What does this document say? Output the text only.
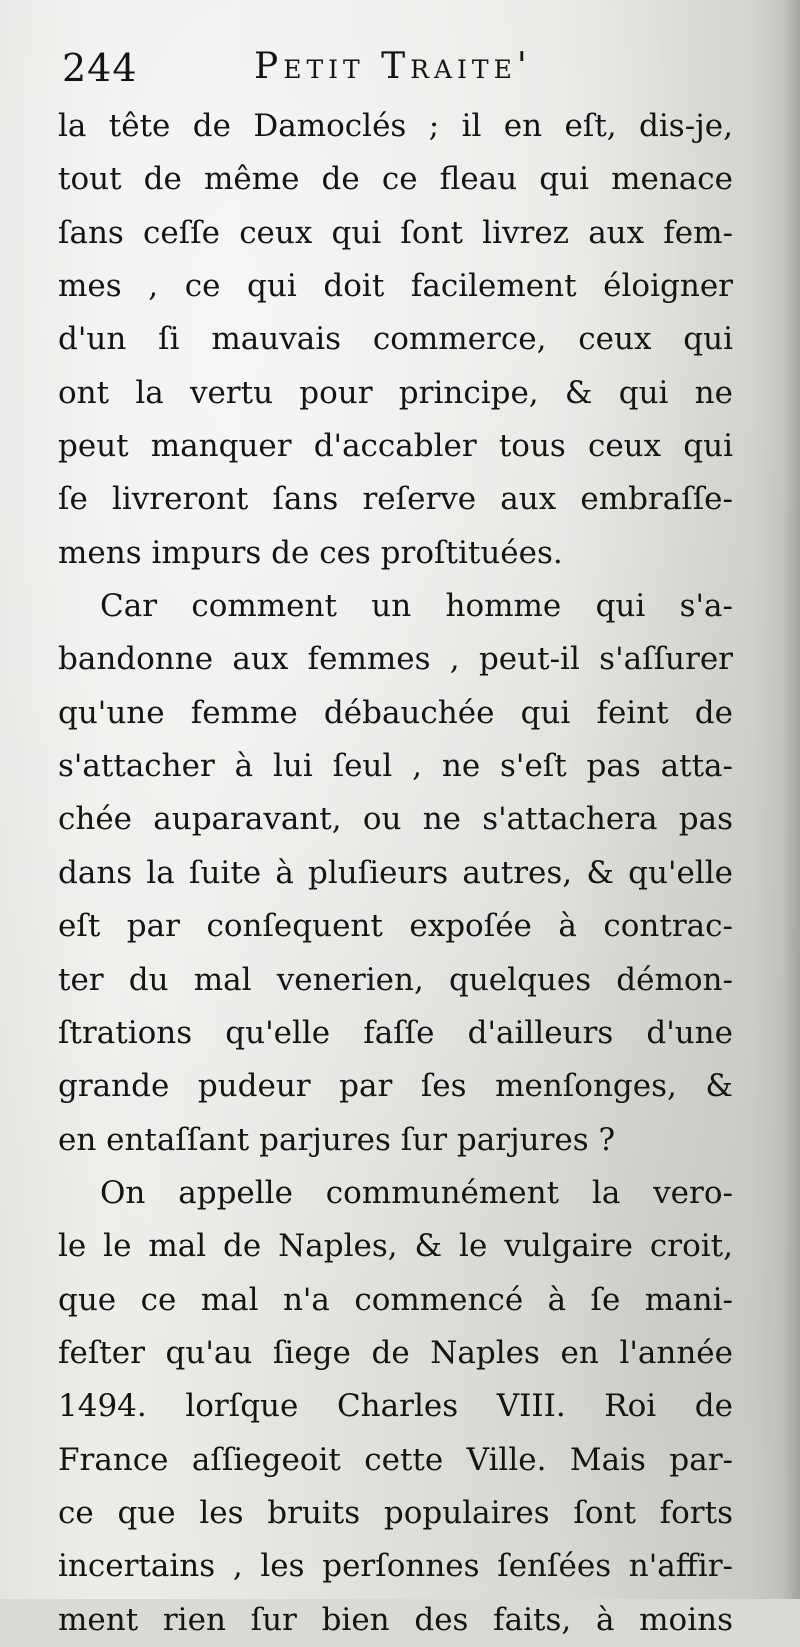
244	Petit Traite'
la tête de Damoclés ; il en eſt, dis-je,
tout de même de ce fleau qui menace
ſans ceſſe ceux qui ſont livrez aux fem-
mes , ce qui doit facilement éloigner
d'un ſi mauvais commerce, ceux qui
ont la vertu pour principe, & qui ne
peut manquer d'accabler tous ceux qui
ſe livreront ſans reſerve aux embraſſe-
mens impurs de ces proſtituées.
Car comment un homme qui s'a-
bandonne aux femmes , peut-il s'aſſurer
qu'une femme débauchée qui feint de
s'attacher à lui ſeul , ne s'eſt pas atta-
chée auparavant, ou ne s'attachera pas
dans la ſuite à pluſieurs autres, & qu'elle
eſt par conſequent expoſée à contrac-
ter du mal venerien, quelques démon-
ſtrations qu'elle faſſe d'ailleurs d'une
grande pudeur par ſes menſonges, &
en entaſſant parjures ſur parjures ?
On appelle communément la vero-
le le mal de Naples, & le vulgaire croit,
que ce mal n'a commencé à ſe mani-
feſter qu'au ſiege de Naples en l'année
1494. lorſque Charles VIII. Roi de
France aſſiegeoit cette Ville. Mais par-
ce que les bruits populaires ſont forts
incertains , les perſonnes ſenſées n'affir-
ment rien ſur bien des faits, à moins
